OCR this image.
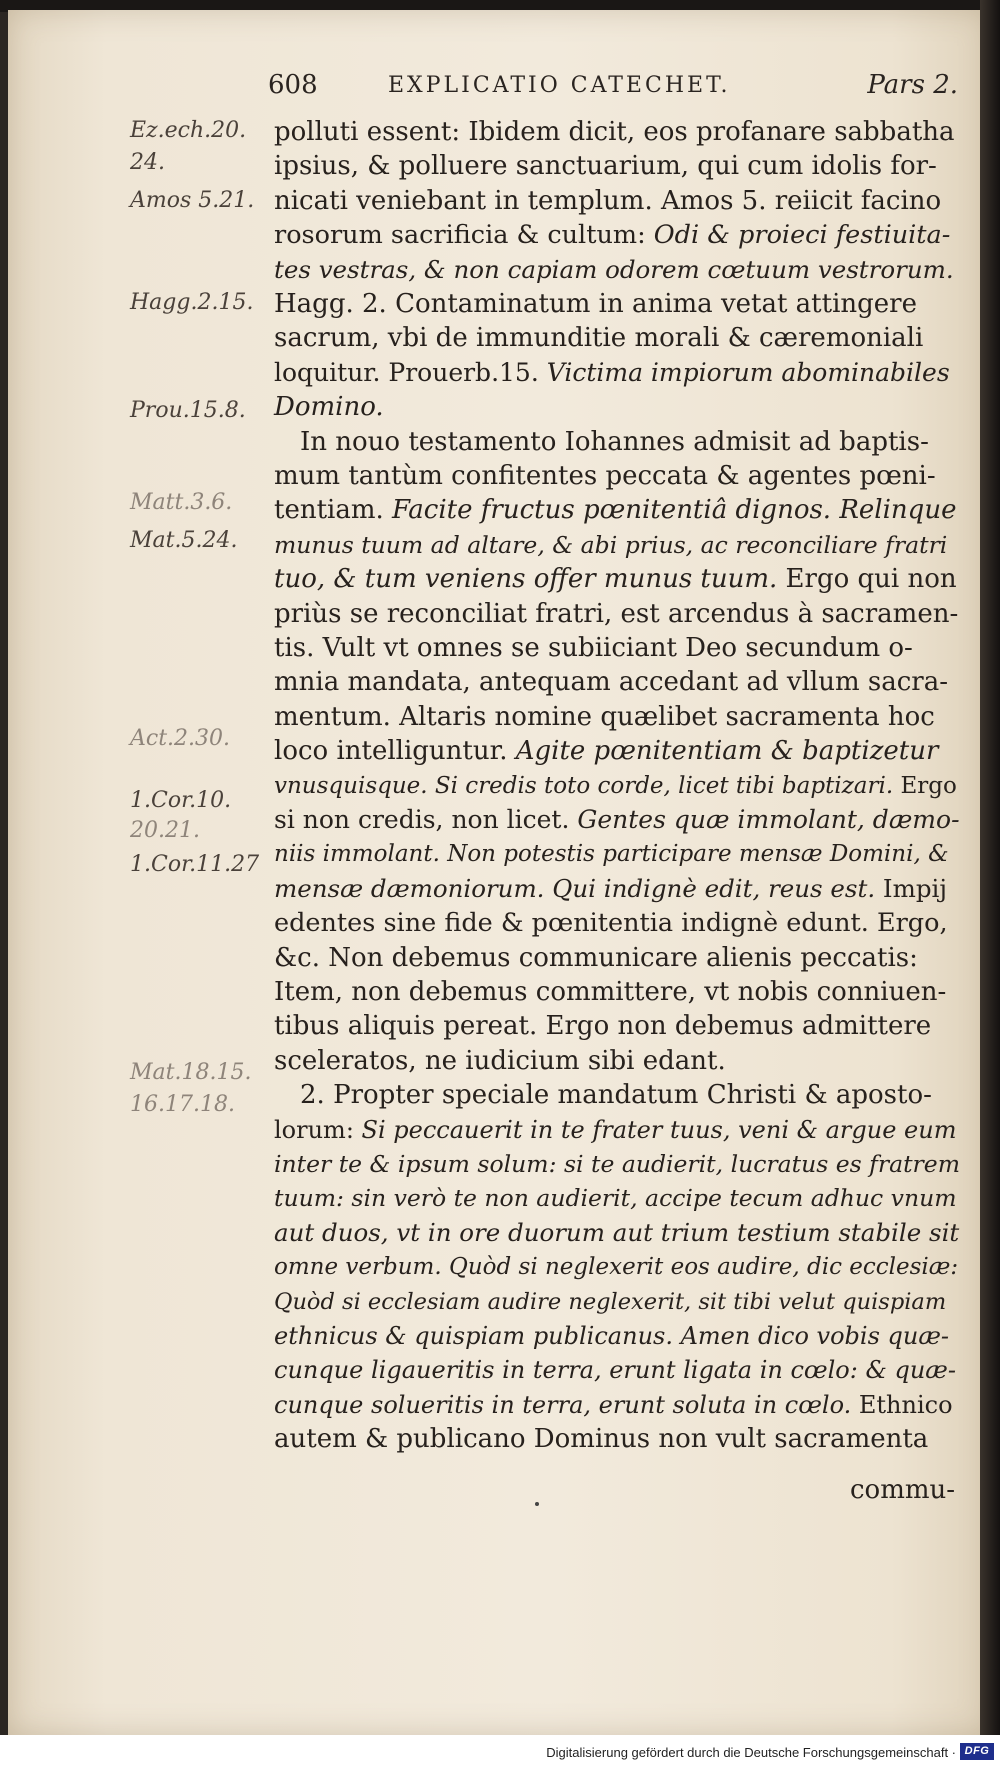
608	EXPLICATIO CATECHET.	Pars 2.
Ez.ech.20.
24.
Amos 5.21.
Hagg.2.15.
Prou.15.8.
Matt.3.6.
Mat.5.24.
Act.2.30.
1.Cor.10.
20.21.
1.Cor.11.27
Mat.18.15.
16.17.18.
polluti essent: Ibidem dicit, eos profanare sabbatha
ipsius, & polluere sanctuarium, qui cum idolis for-
nicati veniebant in templum. Amos 5. reiicit facino
rosorum sacrificia & cultum: Odi & proieci festiuita-
tes vestras, & non capiam odorem cœtuum vestrorum.
Hagg. 2. Contaminatum in anima vetat attingere
sacrum, vbi de immunditie morali & cæremoniali
loquitur. Prouerb.15. Victima impiorum abominabiles
Domino.
In nouo testamento Iohannes admisit ad baptis-
mum tantùm confitentes peccata & agentes pœni-
tentiam. Facite fructus pœnitentiâ dignos. Relinque
munus tuum ad altare, & abi prius, ac reconciliare fratri
tuo, & tum veniens offer munus tuum. Ergo qui non
priùs se reconciliat fratri, est arcendus à sacramen-
tis. Vult vt omnes se subiiciant Deo secundum o-
mnia mandata, antequam accedant ad vllum sacra-
mentum. Altaris nomine quælibet sacramenta hoc
loco intelliguntur. Agite pœnitentiam & baptizetur
vnusquisque. Si credis toto corde, licet tibi baptizari. Ergo
si non credis, non licet. Gentes quæ immolant, dæmo-
niis immolant. Non potestis participare mensæ Domini, &
mensæ dæmoniorum. Qui indignè edit, reus est. Impij
edentes sine fide & pœnitentia indignè edunt. Ergo,
&c. Non debemus communicare alienis peccatis:
Item, non debemus committere, vt nobis conniuen-
tibus aliquis pereat. Ergo non debemus admittere
sceleratos, ne iudicium sibi edant.
2. Propter speciale mandatum Christi & aposto-
lorum: Si peccauerit in te frater tuus, veni & argue eum
inter te & ipsum solum: si te audierit, lucratus es fratrem
tuum: sin verò te non audierit, accipe tecum adhuc vnum
aut duos, vt in ore duorum aut trium testium stabile sit
omne verbum. Quòd si neglexerit eos audire, dic ecclesiæ:
Quòd si ecclesiam audire neglexerit, sit tibi velut quispiam
ethnicus & quispiam publicanus. Amen dico vobis quæ-
cunque ligaueritis in terra, erunt ligata in cœlo: & quæ-
cunque solueritis in terra, erunt soluta in cœlo. Ethnico
autem & publicano Dominus non vult sacramenta
commu-
Digitalisierung gefördert durch die Deutsche Forschungsgemeinschaft · DFG
